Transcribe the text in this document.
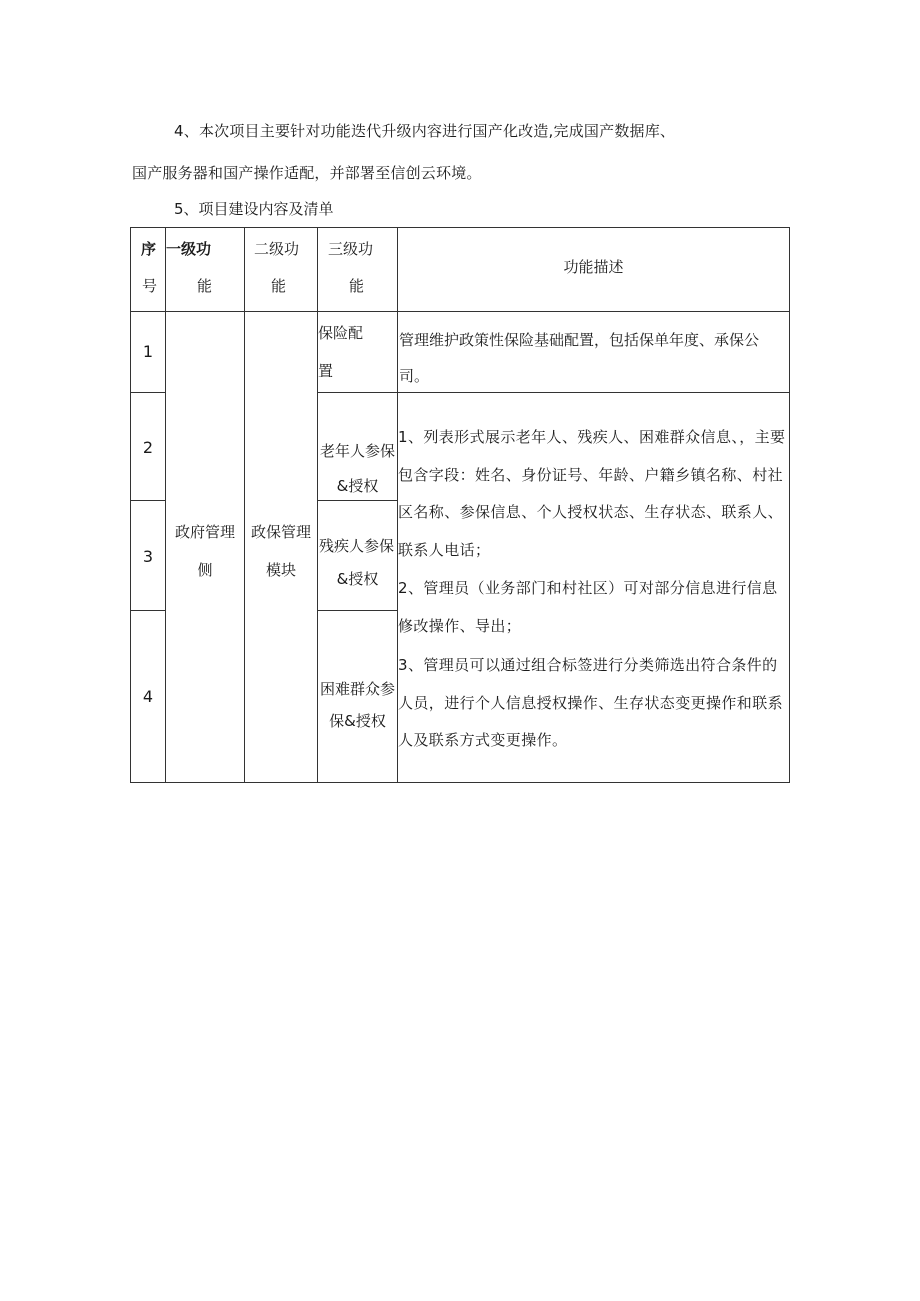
4、本次项目主要针对功能迭代升级内容进行国产化改造,完成国产数据库、
国产服务器和国产操作适配，并部署至信创云环境。
5、项目建设内容及清单
序
号
一级功
能
二级功
能
三级功
能
功能描述
1
2
3
4
政府管理
侧
政保管理
模块
保险配
置
老年人参保
&授权
残疾人参保
&授权
困难群众参
保&授权
管理维护政策性保险基础配置，包括保单年度、承保公
司。
1、列表形式展示老年人、残疾人、困难群众信息、，主要包含字段：姓名、身份证号、年龄、户籍乡镇名称、村社区名称、参保信息、个人授权状态、生存状态、联系人、联系人电话；
2、管理员（业务部门和村社区）可对部分信息进行信息修改操作、导出；
3、管理员可以通过组合标签进行分类筛选出符合条件的人员，进行个人信息授权操作、生存状态变更操作和联系人及联系方式变更操作。
